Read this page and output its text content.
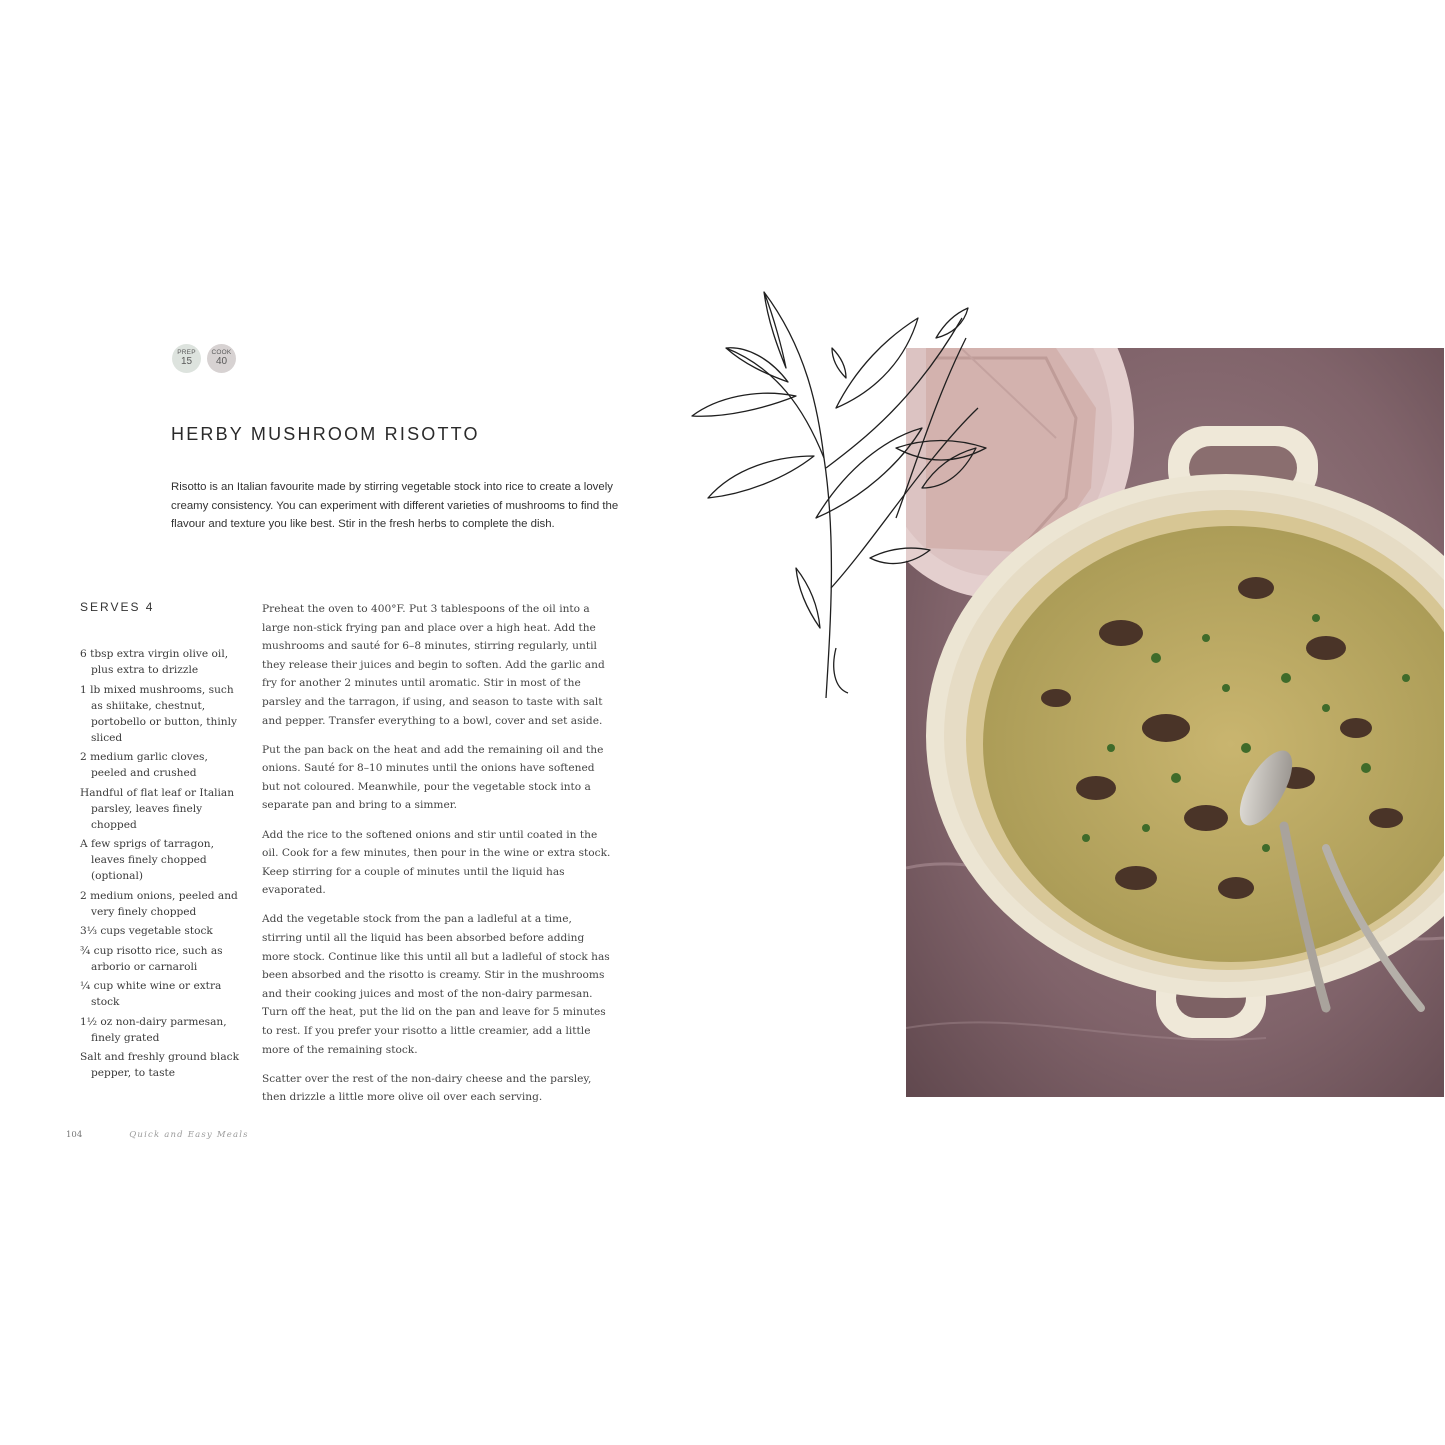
PREP
15
COOK
40
HERBY MUSHROOM RISOTTO

Risotto is an Italian favourite made by stirring vegetable stock into rice to create a lovely creamy consistency. You can experiment with different varieties of mushrooms to find the flavour and texture you like best. Stir in the fresh herbs to complete the dish.

SERVES 4
6 tbsp extra virgin olive oil, plus extra to drizzle
1 lb mixed mushrooms, such as shiitake, chestnut, portobello or button, thinly sliced
2 medium garlic cloves, peeled and crushed
Handful of flat leaf or Italian parsley, leaves finely chopped
A few sprigs of tarragon, leaves finely chopped (optional)
2 medium onions, peeled and very finely chopped
3⅓ cups vegetable stock
¾ cup risotto rice, such as arborio or carnaroli
¼ cup white wine or extra stock
1½ oz non-dairy parmesan, finely grated
Salt and freshly ground black pepper, to taste

Preheat the oven to 400°F. Put 3 tablespoons of the oil into a large non-stick frying pan and place over a high heat. Add the mushrooms and sauté for 6–8 minutes, stirring regularly, until they release their juices and begin to soften. Add the garlic and fry for another 2 minutes until aromatic. Stir in most of the parsley and the tarragon, if using, and season to taste with salt and pepper. Transfer everything to a bowl, cover and set aside.

Put the pan back on the heat and add the remaining oil and the onions. Sauté for 8–10 minutes until the onions have softened but not coloured. Meanwhile, pour the vegetable stock into a separate pan and bring to a simmer.

Add the rice to the softened onions and stir until coated in the oil. Cook for a few minutes, then pour in the wine or extra stock. Keep stirring for a couple of minutes until the liquid has evaporated.

Add the vegetable stock from the pan a ladleful at a time, stirring until all the liquid has been absorbed before adding more stock. Continue like this until all but a ladleful of stock has been absorbed and the risotto is creamy. Stir in the mushrooms and their cooking juices and most of the non-dairy parmesan. Turn off the heat, put the lid on the pan and leave for 5 minutes to rest. If you prefer your risotto a little creamier, add a little more of the remaining stock.

Scatter over the rest of the non-dairy cheese and the parsley, then drizzle a little more olive oil over each serving.

104	Quick and Easy Meals
